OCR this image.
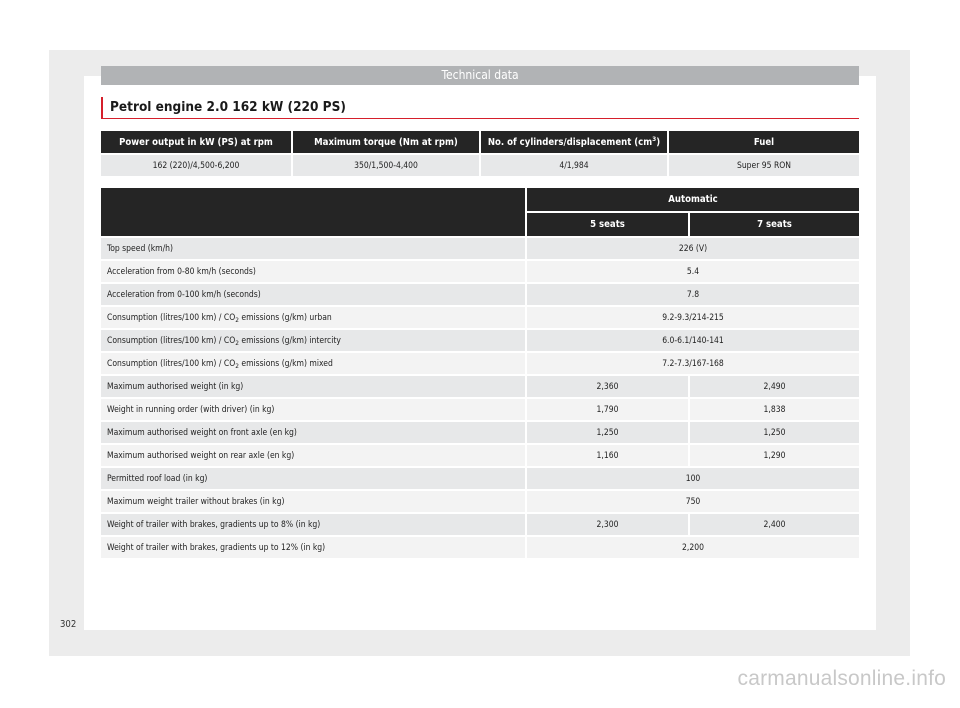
Technical data
Petrol engine 2.0 162 kW (220 PS)
Power output in kW (PS) at rpm	Maximum torque (Nm at rpm)	No. of cylinders/displacement $(cm^3)$	Fuel
162 (220)/4,500-6,200	350/1,500-4,400	4/1,984	Super 95 RON
	Automatic	
	5 seats	7 seats
Top speed (km/h)	226 (V)	
Acceleration from 0-80 km/h (seconds)	5.4	
Acceleration from 0-100 km/h (seconds)	7.8	
Consumption (litres/100 $km) / CO_2$ emissions (g/km) urban	9.2-9.3/214-215	
Consumption (litres/100 $km) / CO_2$ emissions (g/km) intercity	6.0-6.1/140-141	
Consumption (litres/100 $km) / CO_2$ emissions (g/km) mixed	7.2-7.3/167-168	
Maximum authorised weight (in kg)	2,360	2,490
Weight in running order (with driver) (in kg)	1,790	1,838
Maximum authorised weight on front axle (en kg)	1,250	1,250
Maximum authorised weight on rear axle (en kg)	1,160	1,290
Permitted roof load (in kg)	100	
Maximum weight trailer without brakes (in kg)	750	
Weight of trailer with brakes, gradients up to 8% (in kg)	2,300	2,400
Weight of trailer with brakes, gradients up to 12% (in kg)	2,200	
302
carmanualsonline.info
